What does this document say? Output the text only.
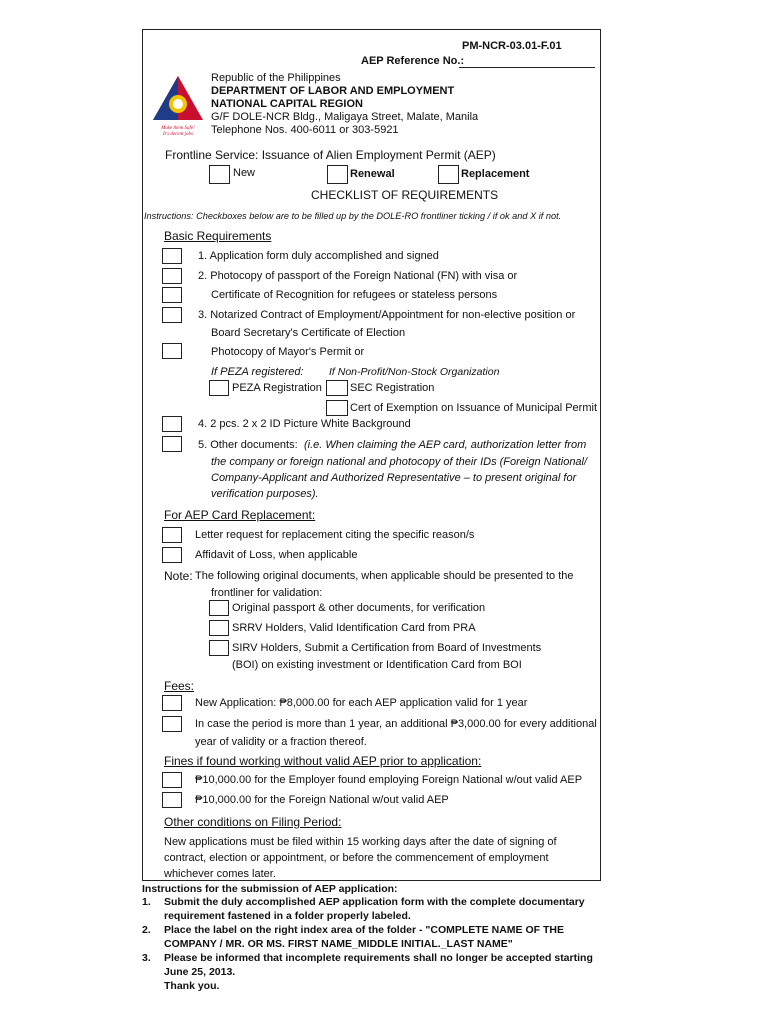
PM-NCR-03.01-F.01
AEP Reference No.:
Make them Safe!
It's decent jobs
Republic of the Philippines
DEPARTMENT OF LABOR AND EMPLOYMENT
NATIONAL CAPITAL REGION
G/F DOLE-NCR Bldg., Maligaya Street, Malate, Manila
Telephone Nos. 400-6011 or 303-5921
Frontline Service: Issuance of Alien Employment Permit (AEP)
New	Renewal	Replacement
CHECKLIST OF REQUIREMENTS
Instructions: Checkboxes below are to be filled up by the DOLE-RO frontliner ticking / if ok and X if not.
Basic Requirements
1. Application form duly accomplished and signed
2. Photocopy of passport of the Foreign National (FN) with visa or
Certificate of Recognition for refugees or stateless persons
3. Notarized Contract of Employment/Appointment for non-elective position or
Board Secretary's Certificate of Election
Photocopy of Mayor's Permit or
If PEZA registered: If Non-Profit/Non-Stock Organization
PEZA Registration	SEC Registration
Cert of Exemption on Issuance of Municipal Permit
4. 2 pcs. 2 x 2 ID Picture White Background
5. Other documents: (i.e. When claiming the AEP card, authorization letter from
the company or foreign national and photocopy of their IDs (Foreign National/
Company-Applicant and Authorized Representative – to present original for
verification purposes).
For AEP Card Replacement:
Letter request for replacement citing the specific reason/s
Affidavit of Loss, when applicable
Note: The following original documents, when applicable should be presented to the
frontliner for validation:
Original passport & other documents, for verification
SRRV Holders, Valid Identification Card from PRA
SIRV Holders, Submit a Certification from Board of Investments
(BOI) on existing investment or Identification Card from BOI
Fees:
New Application: ₱8,000.00 for each AEP application valid for 1 year
In case the period is more than 1 year, an additional ₱3,000.00 for every additional
year of validity or a fraction thereof.
Fines if found working without valid AEP prior to application:
₱10,000.00 for the Employer found employing Foreign National w/out valid AEP
₱10,000.00 for the Foreign National w/out valid AEP
Other conditions on Filing Period:
New applications must be filed within 15 working days after the date of signing of
contract, election or appointment, or before the commencement of employment
whichever comes later.
Instructions for the submission of AEP application:
1. Submit the duly accomplished AEP application form with the complete documentary
requirement fastened in a folder properly labeled.
2. Place the label on the right index area of the folder - "COMPLETE NAME OF THE
COMPANY / MR. OR MS. FIRST NAME_MIDDLE INITIAL._LAST NAME"
3. Please be informed that incomplete requirements shall no longer be accepted starting
June 25, 2013.
Thank you.
